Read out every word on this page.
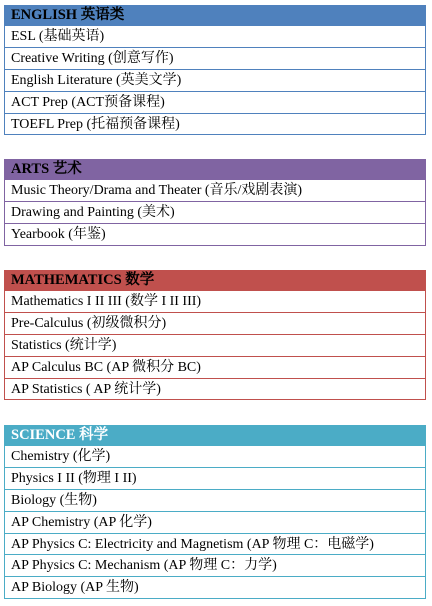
ENGLISH 英语类
ESL (基础英语)
Creative Writing (创意写作)
English Literature (英美文学)
ACT Prep (ACT预备课程)
TOEFL Prep (托福预备课程)
ARTS 艺术
Music Theory/Drama and Theater (音乐/戏剧表演)
Drawing and Painting (美术)
Yearbook (年鉴)
MATHEMATICS 数学
Mathematics I II III (数学 I II III)
Pre-Calculus (初级微积分)
Statistics (统计学)
AP Calculus BC (AP 微积分 BC)
AP Statistics ( AP 统计学)
SCIENCE 科学
Chemistry (化学)
Physics I II (物理 I II)
Biology (生物)
AP Chemistry (AP 化学)
AP Physics C: Electricity and Magnetism (AP 物理 C：电磁学)
AP Physics C: Mechanism (AP 物理 C：力学)
AP Biology (AP 生物)
